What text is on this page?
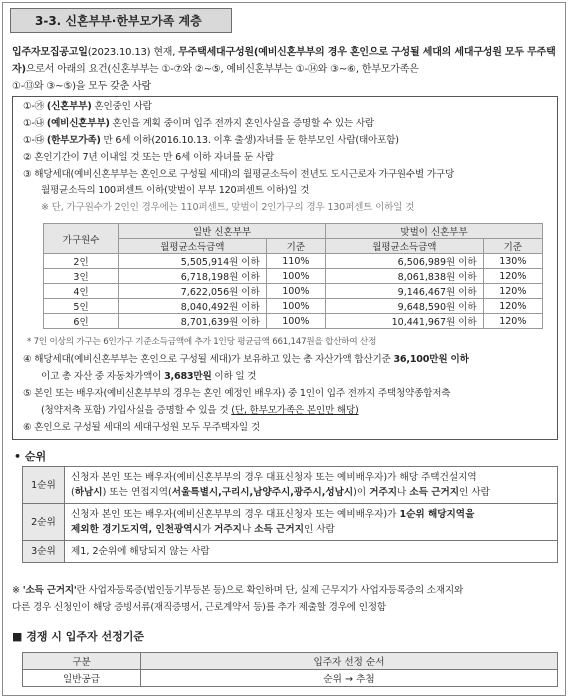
3-3. 신혼부부·한부모가족 계층
입주자모집공고일(2023.10.13) 현재, 무주택세대구성원(예비신혼부부의 경우 혼인으로 구성될 세대의 세대구성원 모두 무주택자)으로서 아래의 요건(신혼부부는 ①-⑦와 ②~⑤, 예비신혼부부는 ①-⑭와 ③~⑥, 한부모가족은
①-⑬와 ③~⑤)을 모두 갖춘 사람
①-㉮ (신혼부부) 혼인중인 사람
①-㉯ (예비신혼부부) 혼인을 계획 중이며 입주 전까지 혼인사실을 증명할 수 있는 사람
①-㉰ (한부모가족) 만 6세 이하(2016.10.13. 이후 출생)자녀를 둔 한부모인 사람(태아포함)
② 혼인기간이 7년 이내일 것 또는 만 6세 이하 자녀를 둔 사람
③ 해당세대(예비신혼부부는 혼인으로 구성될 세대)의 월평균소득이 전년도 도시근로자 가구원수별 가구당
월평균소득의 100퍼센트 이하(맞벌이 부부 120퍼센트 이하)일 것
※ 단, 가구원수가 2인인 경우에는 110퍼센트, 맞벌이 2인가구의 경우 130퍼센트 이하일 것
가구원수	일반 신혼부부		맞벌이 신혼부부	
	월평균소득금액	기준	월평균소득금액	기준
2인	5,505,914원 이하	110%	6,506,989원 이하	130%
3인	6,718,198원 이하	100%	8,061,838원 이하	120%
4인	7,622,056원 이하	100%	9,146,467원 이하	120%
5인	8,040,492원 이하	100%	9,648,590원 이하	120%
6인	8,701,639원 이하	100%	10,441,967원 이하	120%
* 7인 이상의 가구는 6인가구 기준소득금액에 추가 1인당 평균금액 661,147원을 합산하여 산정
④ 해당세대(예비신혼부부는 혼인으로 구성될 세대)가 보유하고 있는 총 자산가액 합산기준 36,100만원 이하
이고 총 자산 중 자동차가액이 3,683만원 이하 일 것
⑤ 본인 또는 배우자(예비신혼부부의 경우는 혼인 예정인 배우자) 중 1인이 입주 전까지 주택청약종합저축
(청약저축 포함) 가입사실을 증명할 수 있을 것 (단, 한부모가족은 본인만 해당)
⑥ 혼인으로 구성될 세대의 세대구성원 모두 무주택자일 것
• 순위
1순위	신청자 본인 또는 배우자(예비신혼부부의 경우 대표신청자 또는 예비배우자)가 해당 주택건설지역
(하남시) 또는 연접지역(서울특별시,구리시,남양주시,광주시,성남시)이 거주지나 소득 근거지인 사람
2순위	신청자 본인 또는 배우자(예비신혼부부의 경우 대표신청자 또는 예비배우자)가 1순위 해당지역을
제외한 경기도지역, 인천광역시가 거주지나 소득 근거지인 사람
3순위	제1, 2순위에 해당되지 않는 사람
※ '소득 근거지'란 사업자등록증(법인등기부등본 등)으로 확인하며 단, 실제 근무지가 사업자등록증의 소재지와
다른 경우 신청인이 해당 증빙서류(재직증명서, 근로계약서 등)를 추가 제출할 경우에 인정함
■ 경쟁 시 입주자 선정기준
구분	입주자 선정 순서
일반공급	순위 → 추첨
